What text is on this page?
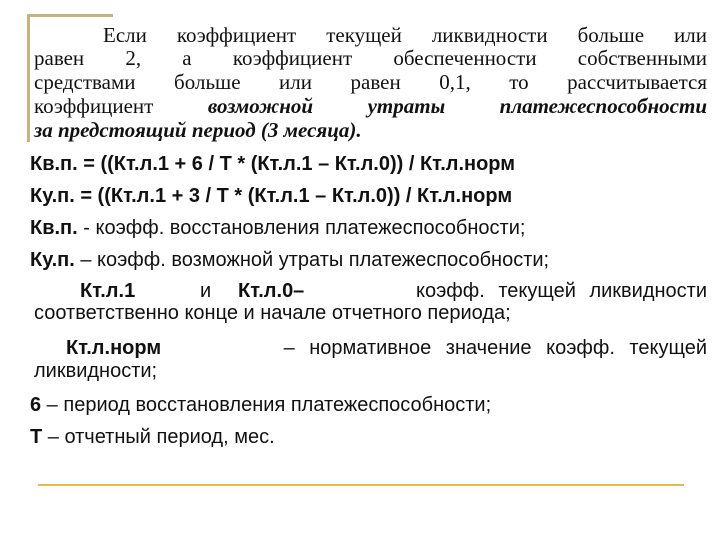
Если коэффициент текущей ликвидности больше или
равен 2, а коэффициент обеспеченности собственными
средствами больше или равен 0,1, то рассчитывается
коэффициент	возможной утраты платежеспособности
за предстоящий период (3 месяца).
Кв.п. = ((Кт.л.1 + 6 / Т * (Кт.л.1 – Кт.л.0)) / Кт.л.норм
Ку.п. = ((Кт.л.1 + 3 / Т * (Кт.л.1 – Кт.л.0)) / Кт.л.норм
Кв.п. - коэфф. восстановления платежеспособности;
Ку.п. – коэфф. возможной утраты платежеспособности;
Кт.л.1	и Кт.л.0–	коэфф. текущей ликвидности
соответственно конце и начале отчетного периода;
Кт.л.норм	– нормативное значение коэфф. текущей
ликвидности;
6 – период восстановления платежеспособности;
Т – отчетный период, мес.
